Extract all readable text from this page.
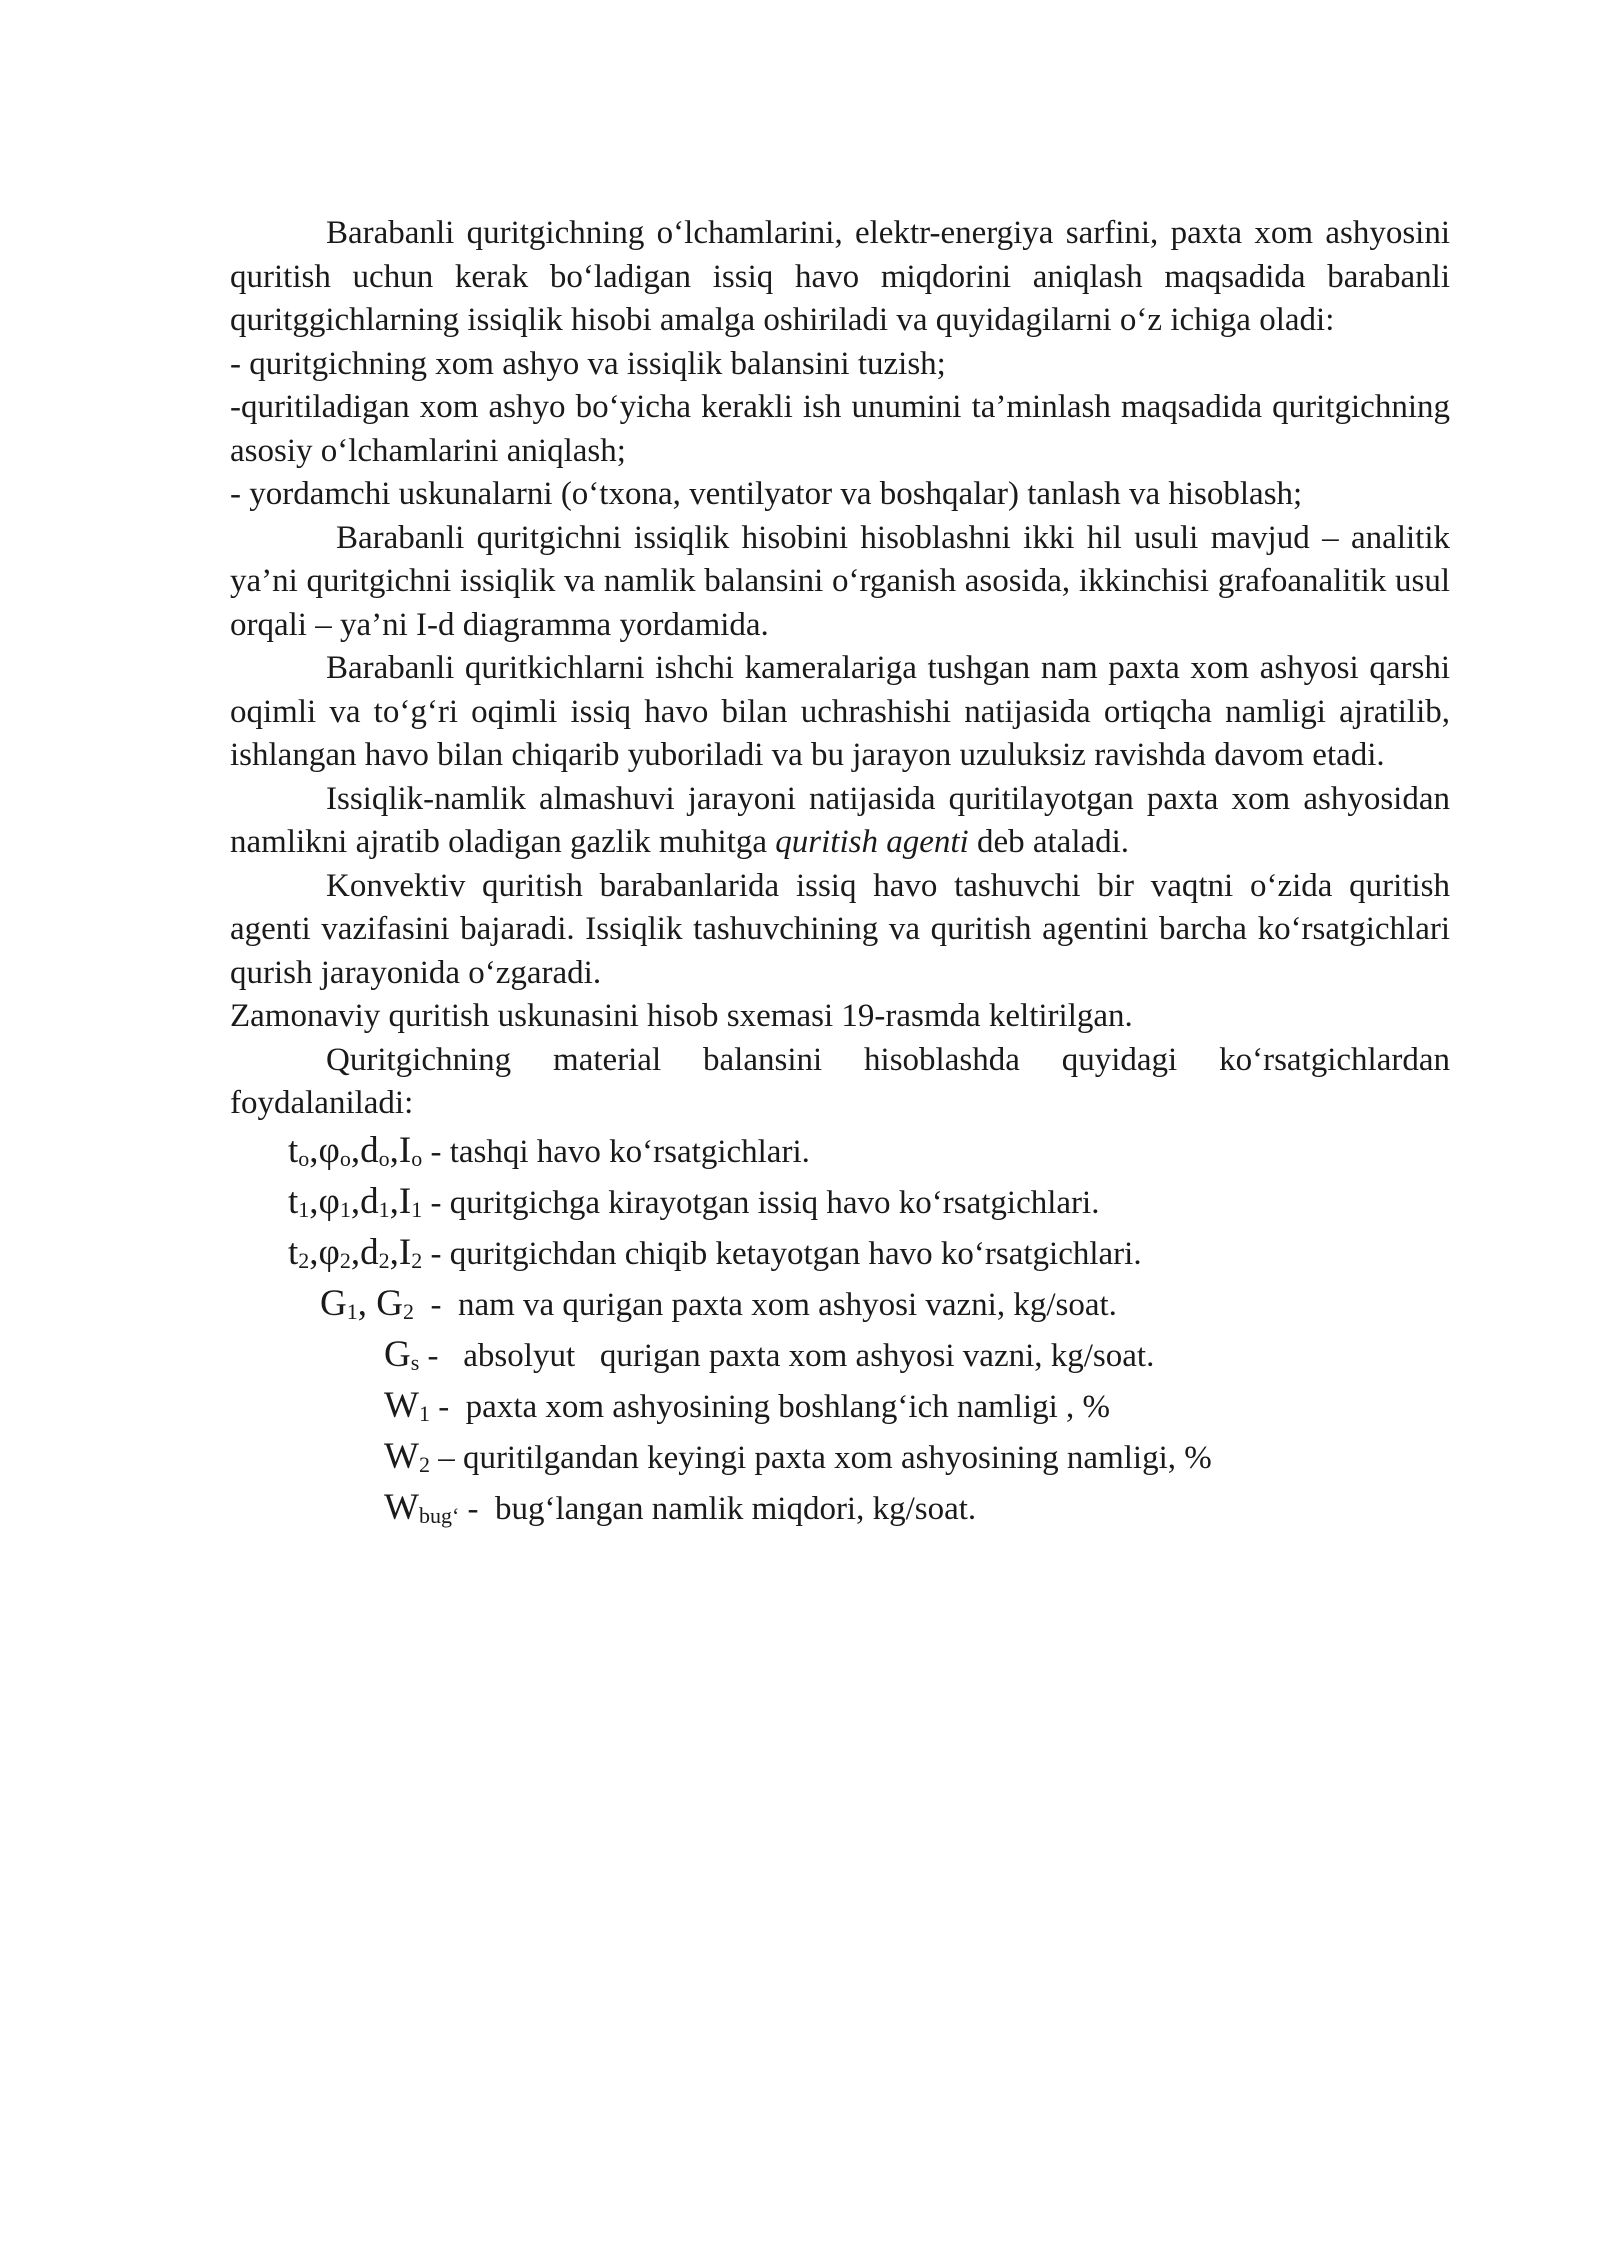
Barabanli quritgichning o‘lchamlarini, elektr-energiya sarfini, paxta xom ashyosini quritish uchun kerak bo‘ladigan issiq havo miqdorini aniqlash maqsadida barabanli quritggichlarning issiqlik hisobi amalga oshiriladi va quyidagilarni o‘z ichiga oladi:

- quritgichning xom ashyo va issiqlik balansini tuzish;

-quritiladigan xom ashyo bo‘yicha kerakli ish unumini ta’minlash maqsadida quritgichning asosiy o‘lchamlarini aniqlash;

- yordamchi uskunalarni (o‘txona, ventilyator va boshqalar) tanlash va hisoblash;

Barabanli quritgichni issiqlik hisobini hisoblashni ikki hil usuli mavjud – analitik ya’ni quritgichni issiqlik va namlik balansini o‘rganish asosida, ikkinchisi grafoanalitik usul orqali – ya’ni I-d diagramma yordamida.

Barabanli quritkichlarni ishchi kameralariga tushgan nam paxta xom ashyosi qarshi oqimli va to‘g‘ri oqimli issiq havo bilan uchrashishi natijasida ortiqcha namligi ajratilib, ishlangan havo bilan chiqarib yuboriladi va bu jarayon uzuluksiz ravishda davom etadi.

Issiqlik-namlik almashuvi jarayoni natijasida quritilayotgan paxta xom ashyosidan namlikni ajratib oladigan gazlik muhitga quritish agenti deb ataladi.

Konvektiv quritish barabanlarida issiq havo tashuvchi bir vaqtni o‘zida quritish agenti vazifasini bajaradi. Issiqlik tashuvchining va quritish agentini barcha ko‘rsatgichlari qurish jarayonida o‘zgaradi.

Zamonaviy quritish uskunasini hisob sxemasi 19-rasmda keltirilgan.

Quritgichning material balansini hisoblashda quyidagi ko‘rsatgichlardan foydalaniladi:

$t_o,\varphi_o,d_o,I_o$ - tashqi havo ko‘rsatgichlari.

$t_1,\varphi_1,d_1,I_1$ - quritgichga kirayotgan issiq havo ko‘rsatgichlari.

$t_2,\varphi_2,d_2,I_2$ - quritgichdan chiqib ketayotgan havo ko‘rsatgichlari.

$G_1$, $G_2$  -  nam va qurigan paxta xom ashyosi vazni, kg/soat.

$G_s$ -   absolyut   qurigan paxta xom ashyosi vazni, kg/soat.

$W_1$ -  paxta xom ashyosining boshlang‘ich namligi , %

$W_2$ – quritilgandan keyingi paxta xom ashyosining namligi, %

$W_{bug‘}$ -  bug‘langan namlik miqdori, kg/soat.
